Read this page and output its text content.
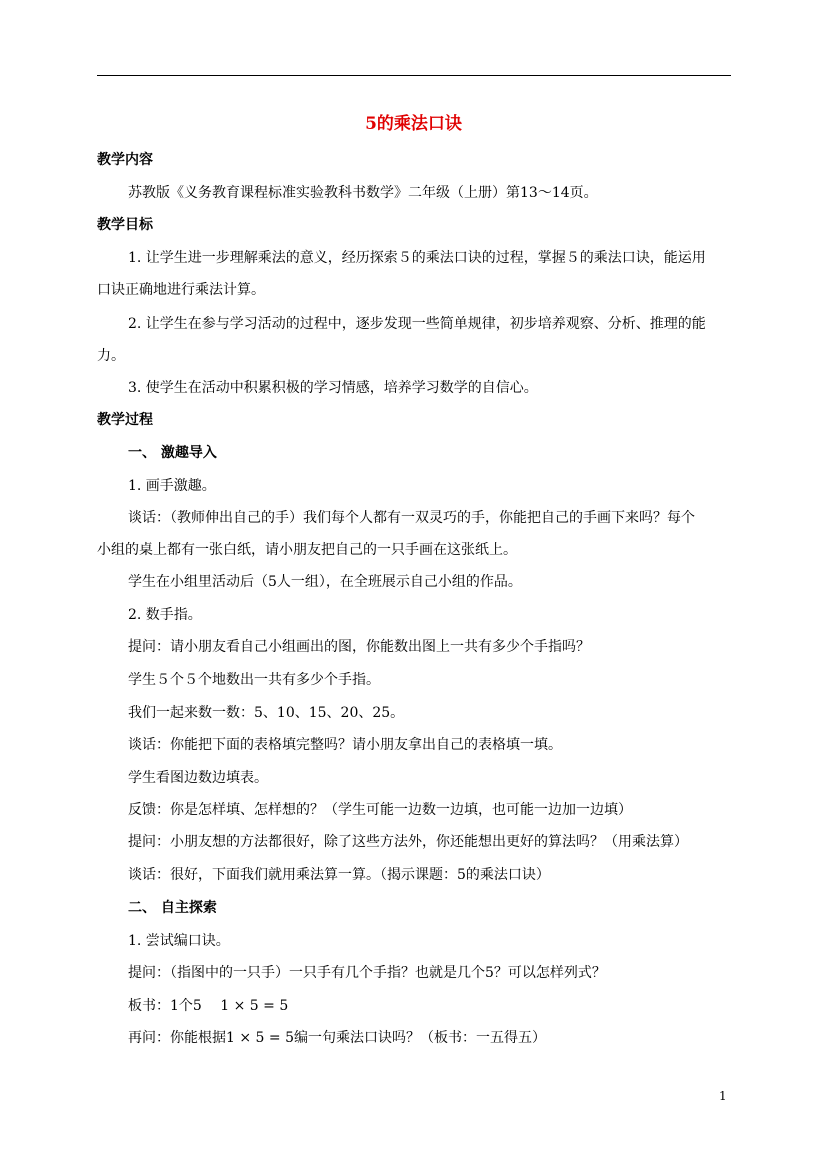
5的乘法口诀
教学内容
苏教版《义务教育课程标准实验教科书数学》二年级（上册）第13～14页。
教学目标
1. 让学生进一步理解乘法的意义，经历探索５的乘法口诀的过程，掌握５的乘法口诀，能运用
口诀正确地进行乘法计算。
2. 让学生在参与学习活动的过程中，逐步发现一些简单规律，初步培养观察、分析、推理的能
力。
3. 使学生在活动中积累积极的学习情感，培养学习数学的自信心。
教学过程
一、 激趣导入
1. 画手激趣。
谈话：（教师伸出自己的手）我们每个人都有一双灵巧的手，你能把自己的手画下来吗？每个
小组的桌上都有一张白纸，请小朋友把自己的一只手画在这张纸上。
学生在小组里活动后（5人一组），在全班展示自己小组的作品。
2. 数手指。
提问：请小朋友看自己小组画出的图，你能数出图上一共有多少个手指吗？
学生５个５个地数出一共有多少个手指。
我们一起来数一数：5、10、15、20、25。
谈话：你能把下面的表格填完整吗？请小朋友拿出自己的表格填一填。
学生看图边数边填表。
反馈：你是怎样填、怎样想的？（学生可能一边数一边填，也可能一边加一边填）
提问：小朋友想的方法都很好，除了这些方法外，你还能想出更好的算法吗？（用乘法算）
谈话：很好，下面我们就用乘法算一算。（揭示课题：5的乘法口诀）
二、 自主探索
1. 尝试编口诀。
提问：（指图中的一只手）一只手有几个手指？也就是几个5？可以怎样列式？
板书：1个5　 1 × 5 = 5
再问：你能根据1 × 5 = 5编一句乘法口诀吗？（板书：一五得五）
1
